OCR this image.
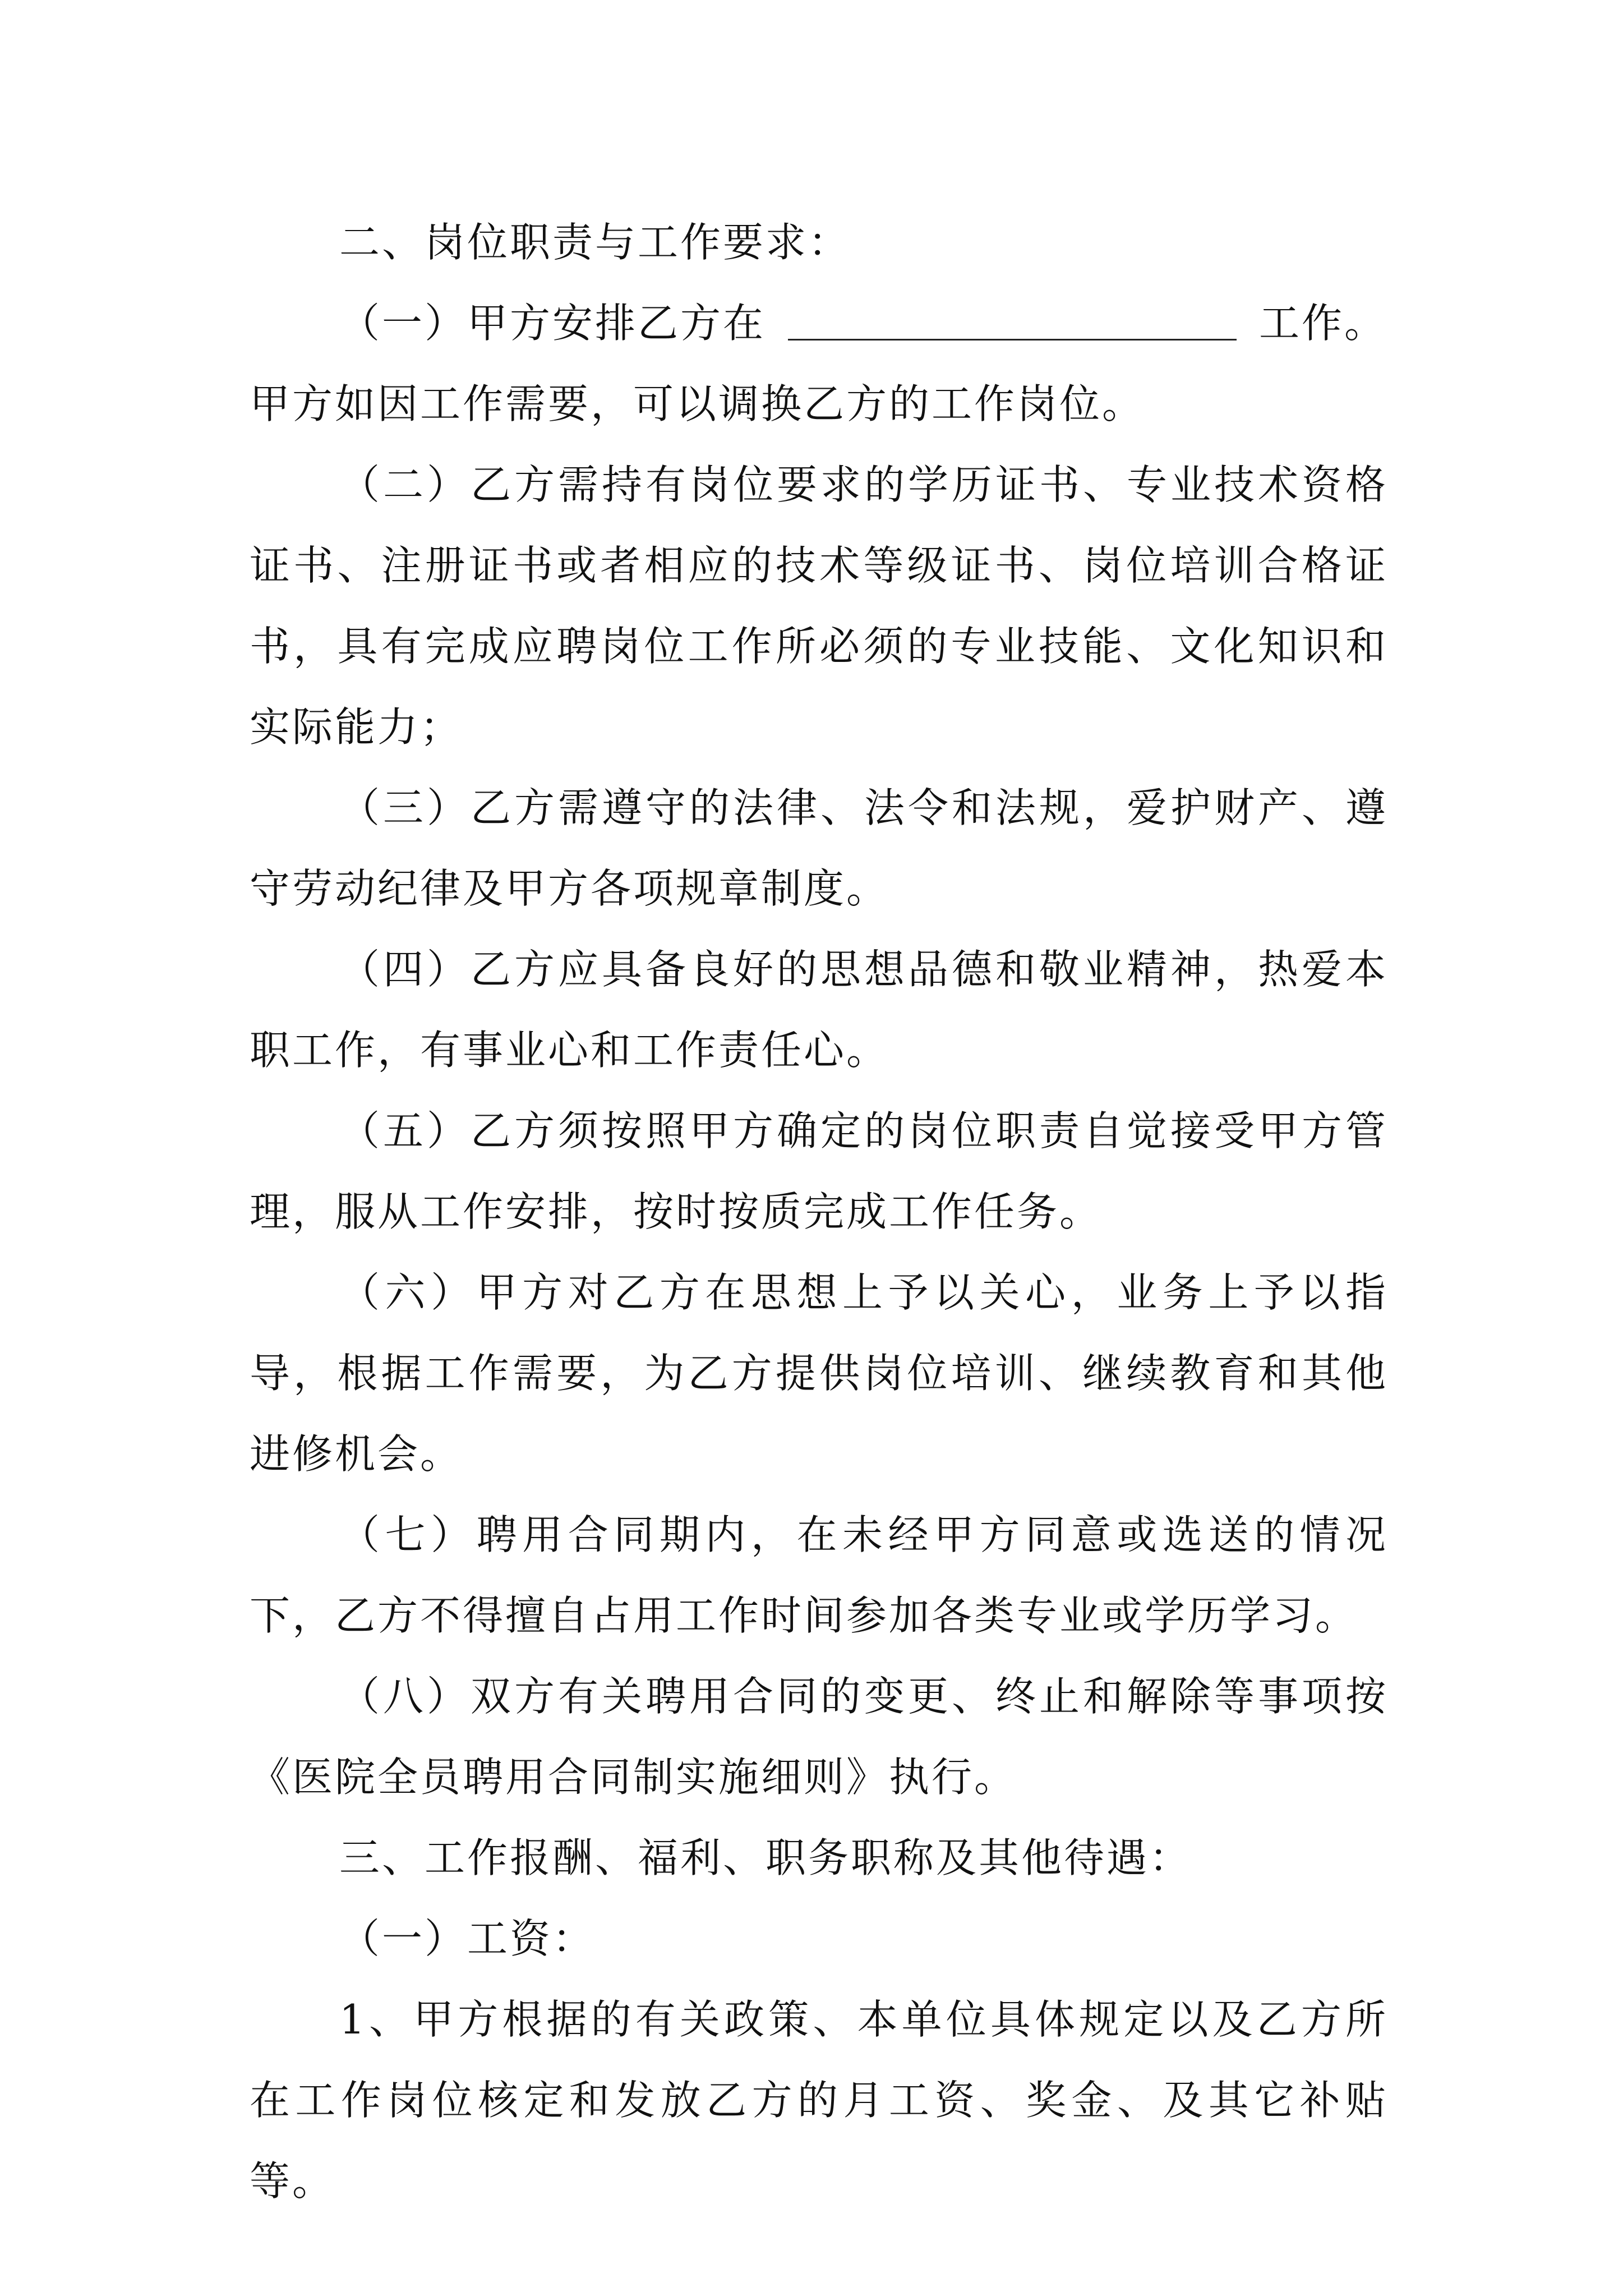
二、岗位职责与工作要求：

（一）甲方安排乙方在	工作。

甲方如因工作需要，可以调换乙方的工作岗位。

（二）乙方需持有岗位要求的学历证书、专业技术资格证书、注册证书或者相应的技术等级证书、岗位培训合格证书，具有完成应聘岗位工作所必须的专业技能、文化知识和实际能力；

（三）乙方需遵守的法律、法令和法规，爱护财产、遵守劳动纪律及甲方各项规章制度。

（四）乙方应具备良好的思想品德和敬业精神，热爱本职工作，有事业心和工作责任心。

（五）乙方须按照甲方确定的岗位职责自觉接受甲方管理，服从工作安排，按时按质完成工作任务。

（六）甲方对乙方在思想上予以关心，业务上予以指导，根据工作需要，为乙方提供岗位培训、继续教育和其他进修机会。

（七）聘用合同期内，在未经甲方同意或选送的情况下，乙方不得擅自占用工作时间参加各类专业或学历学习。

（八）双方有关聘用合同的变更、终止和解除等事项按《医院全员聘用合同制实施细则》执行。

三、工作报酬、福利、职务职称及其他待遇：

（一）工资：

1、甲方根据的有关政策、本单位具体规定以及乙方所在工作岗位核定和发放乙方的月工资、奖金、及其它补贴等。
